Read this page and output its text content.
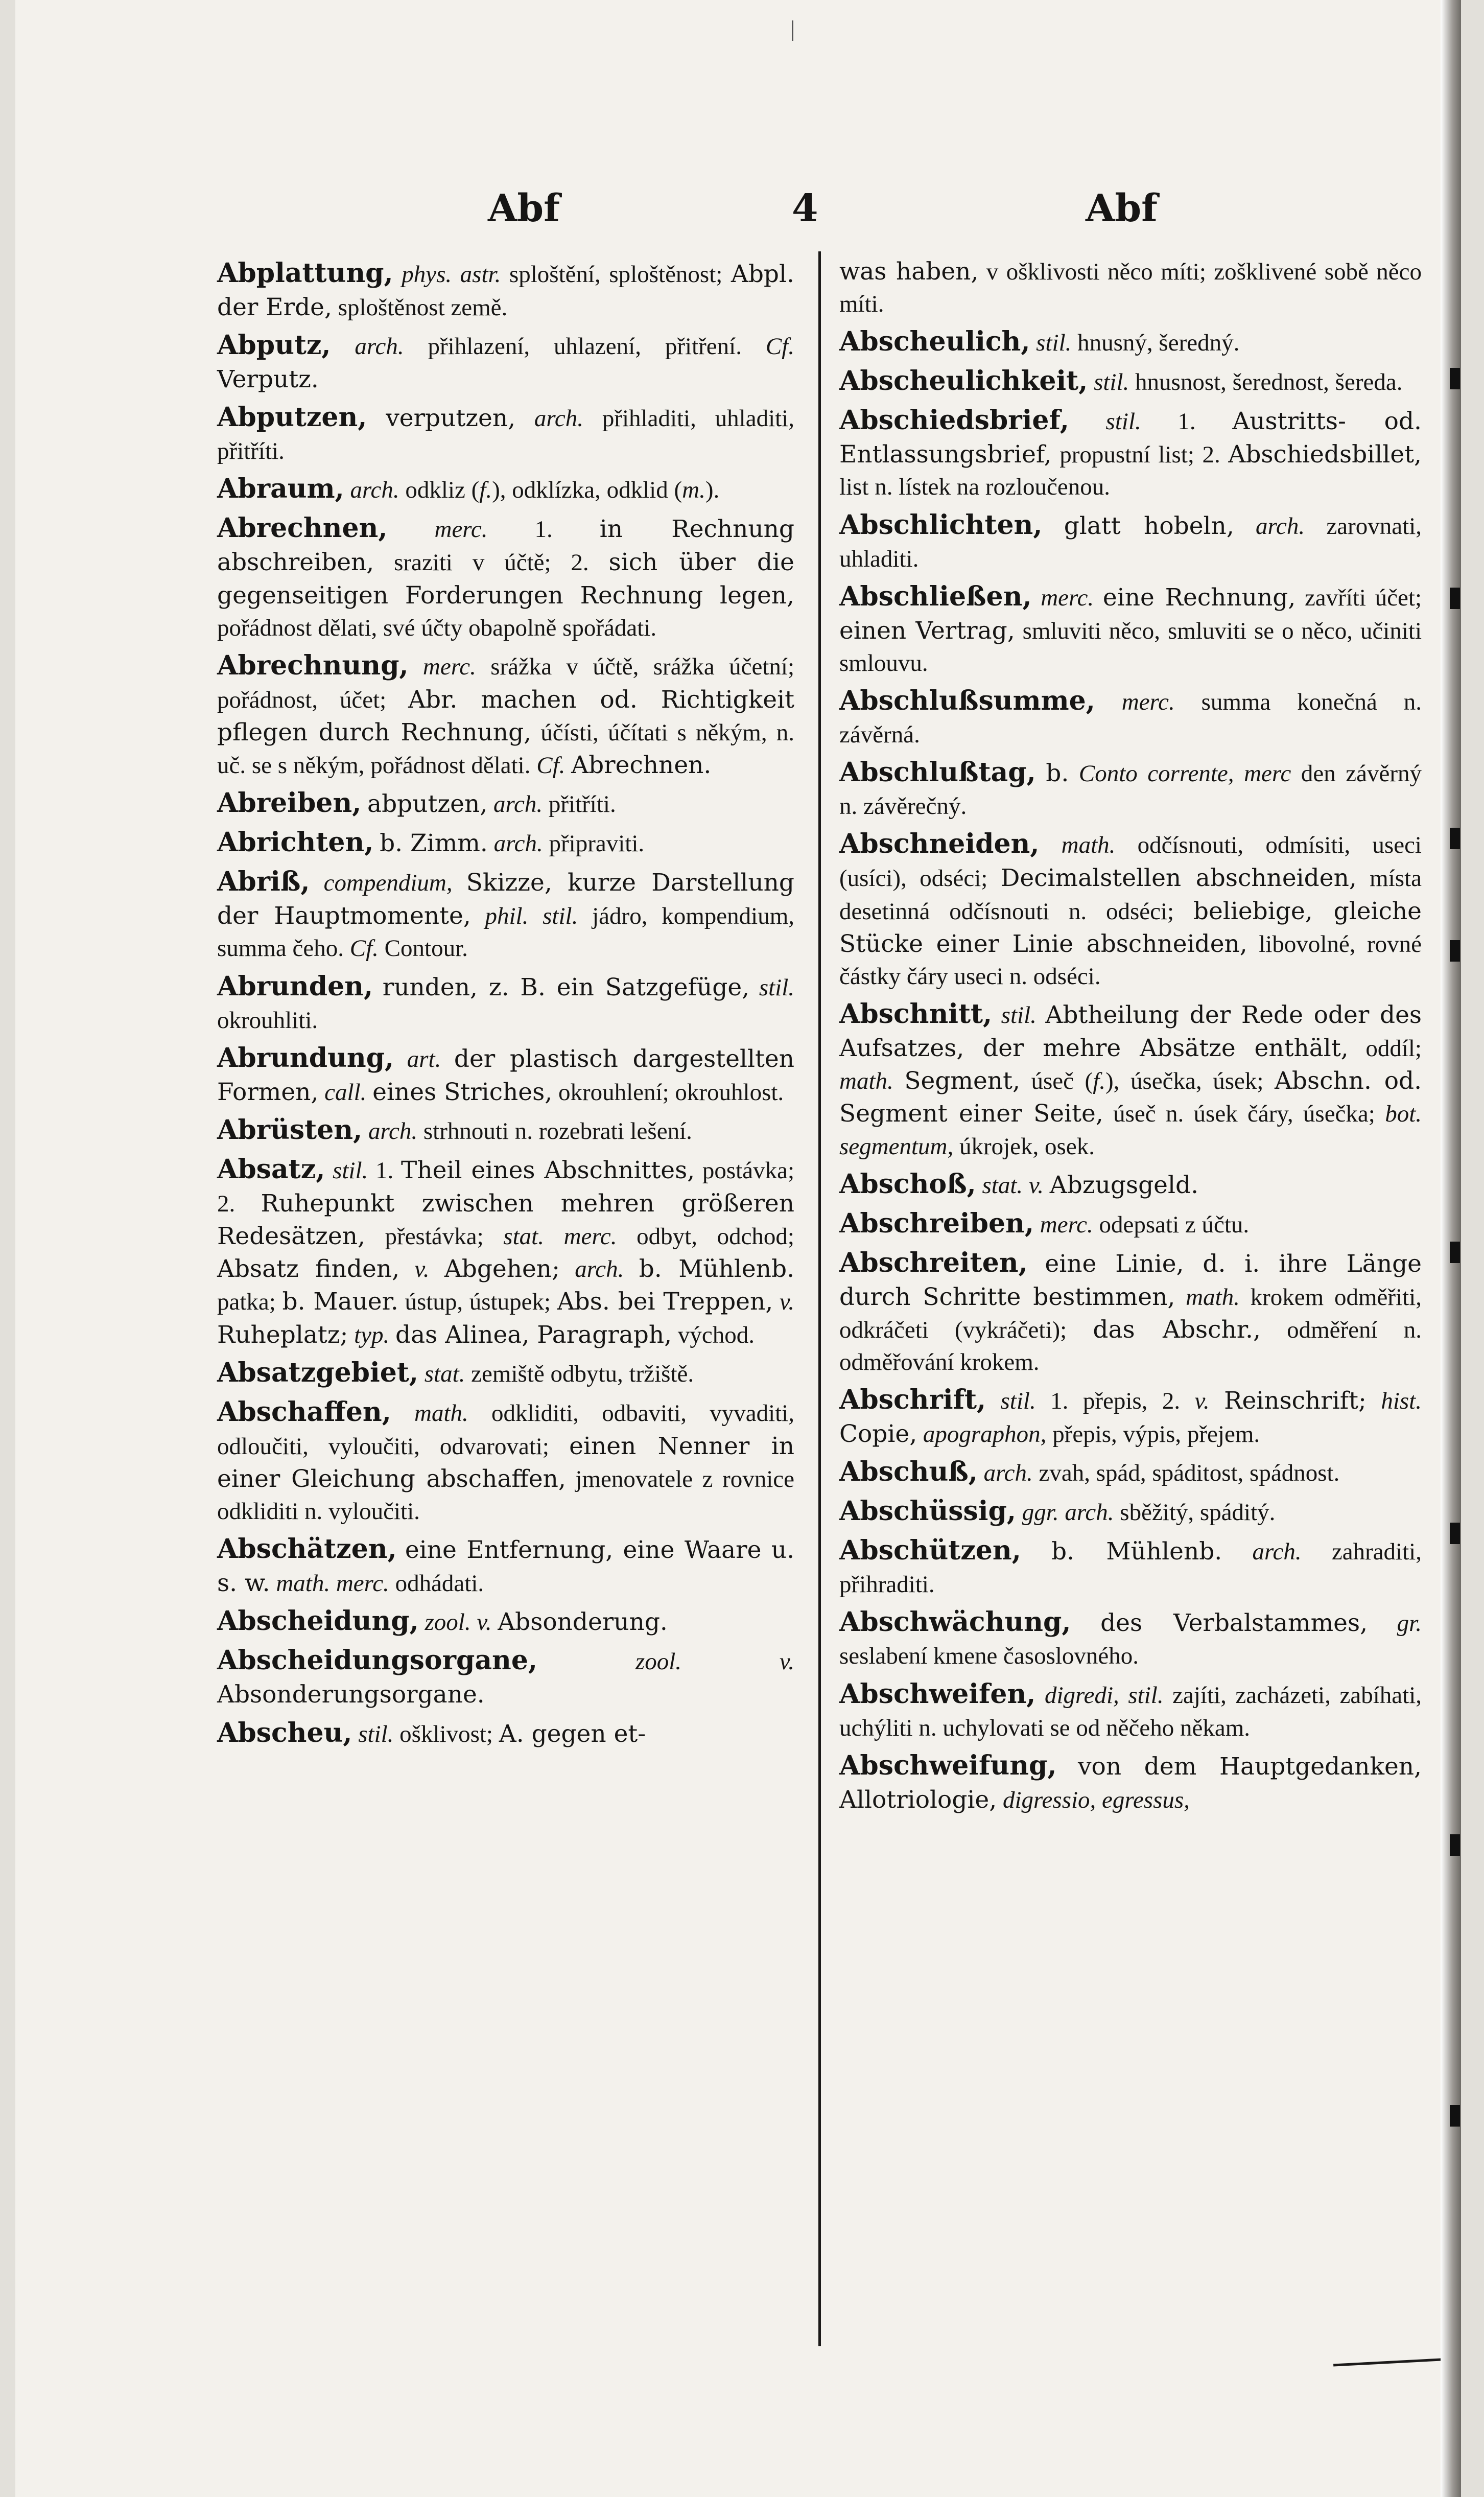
Abf	4	Abf
Abplattung, phys. astr. sploštění, sploštěnost; Abpl. der Erde, sploštěnost země.
Abputz, arch. přihlazení, uhlazení, přitření. Cf. Verputz.
Abputzen, verputzen, arch. přihladiti, uhladiti, přitříti.
Abraum, arch. odkliz (f.), odklízka, odklid (m.).
Abrechnen, merc. 1. in Rechnung abschreiben, sraziti v účtě; 2. sich über die gegenseitigen Forderungen Rechnung legen, pořádnost dělati, své účty obapolně spořádati.
Abrechnung, merc. srážka v účtě, srážka účetní; pořádnost, účet; Abr. machen od. Richtigkeit pflegen durch Rechnung, účísti, účítati s někým, n. uč. se s někým, pořádnost dělati. Cf. Abrechnen.
Abreiben, abputzen, arch. přitříti.
Abrichten, b. Zimm. arch. připraviti.
Abriß, compendium, Skizze, kurze Darstellung der Hauptmomente, phil. stil. jádro, kompendium, summa čeho. Cf. Contour.
Abrunden, runden, z. B. ein Satzgefüge, stil. okrouhliti.
Abrundung, art. der plastisch dargestellten Formen, call. eines Striches, okrouhlení; okrouhlost.
Abrüsten, arch. strhnouti n. rozebrati lešení.
Absatz, stil. 1. Theil eines Abschnittes, postávka; 2. Ruhepunkt zwischen mehren größeren Redesätzen, přestávka; stat. merc. odbyt, odchod; Absatz finden, v. Abgehen; arch. b. Mühlenb. patka; b. Mauer. ústup, ústupek; Abs. bei Treppen, v. Ruheplatz; typ. das Alinea, Paragraph, východ.
Absatzgebiet, stat. zemiště odbytu, tržiště.
Abschaffen, math. odkliditi, odbaviti, vyvaditi, odloučiti, vyloučiti, odvarovati; einen Nenner in einer Gleichung abschaffen, jmenovatele z rovnice odkliditi n. vyloučiti.
Abschätzen, eine Entfernung, eine Waare u. s. w. math. merc. odhádati.
Abscheidung, zool. v. Absonderung.
Abscheidungsorgane,	zool.	v. Absonderungsorgane.
Abscheu, stil. ošklivost; A. gegen et-
was haben, v ošklivosti něco míti; zošklivené sobě něco míti.
Abscheulich, stil. hnusný, šeredný.
Abscheulichkeit, stil. hnusnost, šerednost, šereda.
Abschiedsbrief, stil. 1. Austritts- od. Entlassungsbrief, propustní list; 2. Abschiedsbillet, list n. lístek na rozloučenou.
Abschlichten, glatt hobeln, arch. zarovnati, uhladiti.
Abschließen, merc. eine Rechnung, zavříti účet; einen Vertrag, smluviti něco, smluviti se o něco, učiniti smlouvu.
Abschlußsumme, merc. summa konečná n. závěrná.
Abschlußtag, b. Conto corrente, merc den závěrný n. závěrečný.
Abschneiden, math. odčísnouti, odmísiti, useci (usíci), odséci; Decimalstellen abschneiden, místa desetinná odčísnouti n. odséci; beliebige, gleiche Stücke einer Linie abschneiden, libovolné, rovné částky čáry useci n. odséci.
Abschnitt, stil. Abtheilung der Rede oder des Aufsatzes, der mehre Absätze enthält, oddíl; math. Segment, úseč (f.), úsečka, úsek; Abschn. od. Segment einer Seite, úseč n. úsek čáry, úsečka; bot. segmentum, úkrojek, osek.
Abschoß, stat. v. Abzugsgeld.
Abschreiben, merc. odepsati z účtu.
Abschreiten, eine Linie, d. i. ihre Länge durch Schritte bestimmen, math. krokem odměřiti, odkráčeti (vykráčeti); das Abschr., odměření n. odměřování krokem.
Abschrift, stil. 1. přepis, 2. v. Reinschrift; hist. Copie, apographon, přepis, výpis, přejem.
Abschuß, arch. zvah, spád, spáditost, spádnost.
Abschüssig, ggr. arch. sběžitý, spáditý.
Abschützen, b. Mühlenb. arch. zahraditi, přihraditi.
Abschwächung, des Verbalstammes, gr. seslabení kmene časoslovného.
Abschweifen, digredi, stil. zajíti, zacházeti, zabíhati, uchýliti n. uchylovati se od něčeho někam.
Abschweifung, von dem Hauptgedanken, Allotriologie, digressio, egressus,
